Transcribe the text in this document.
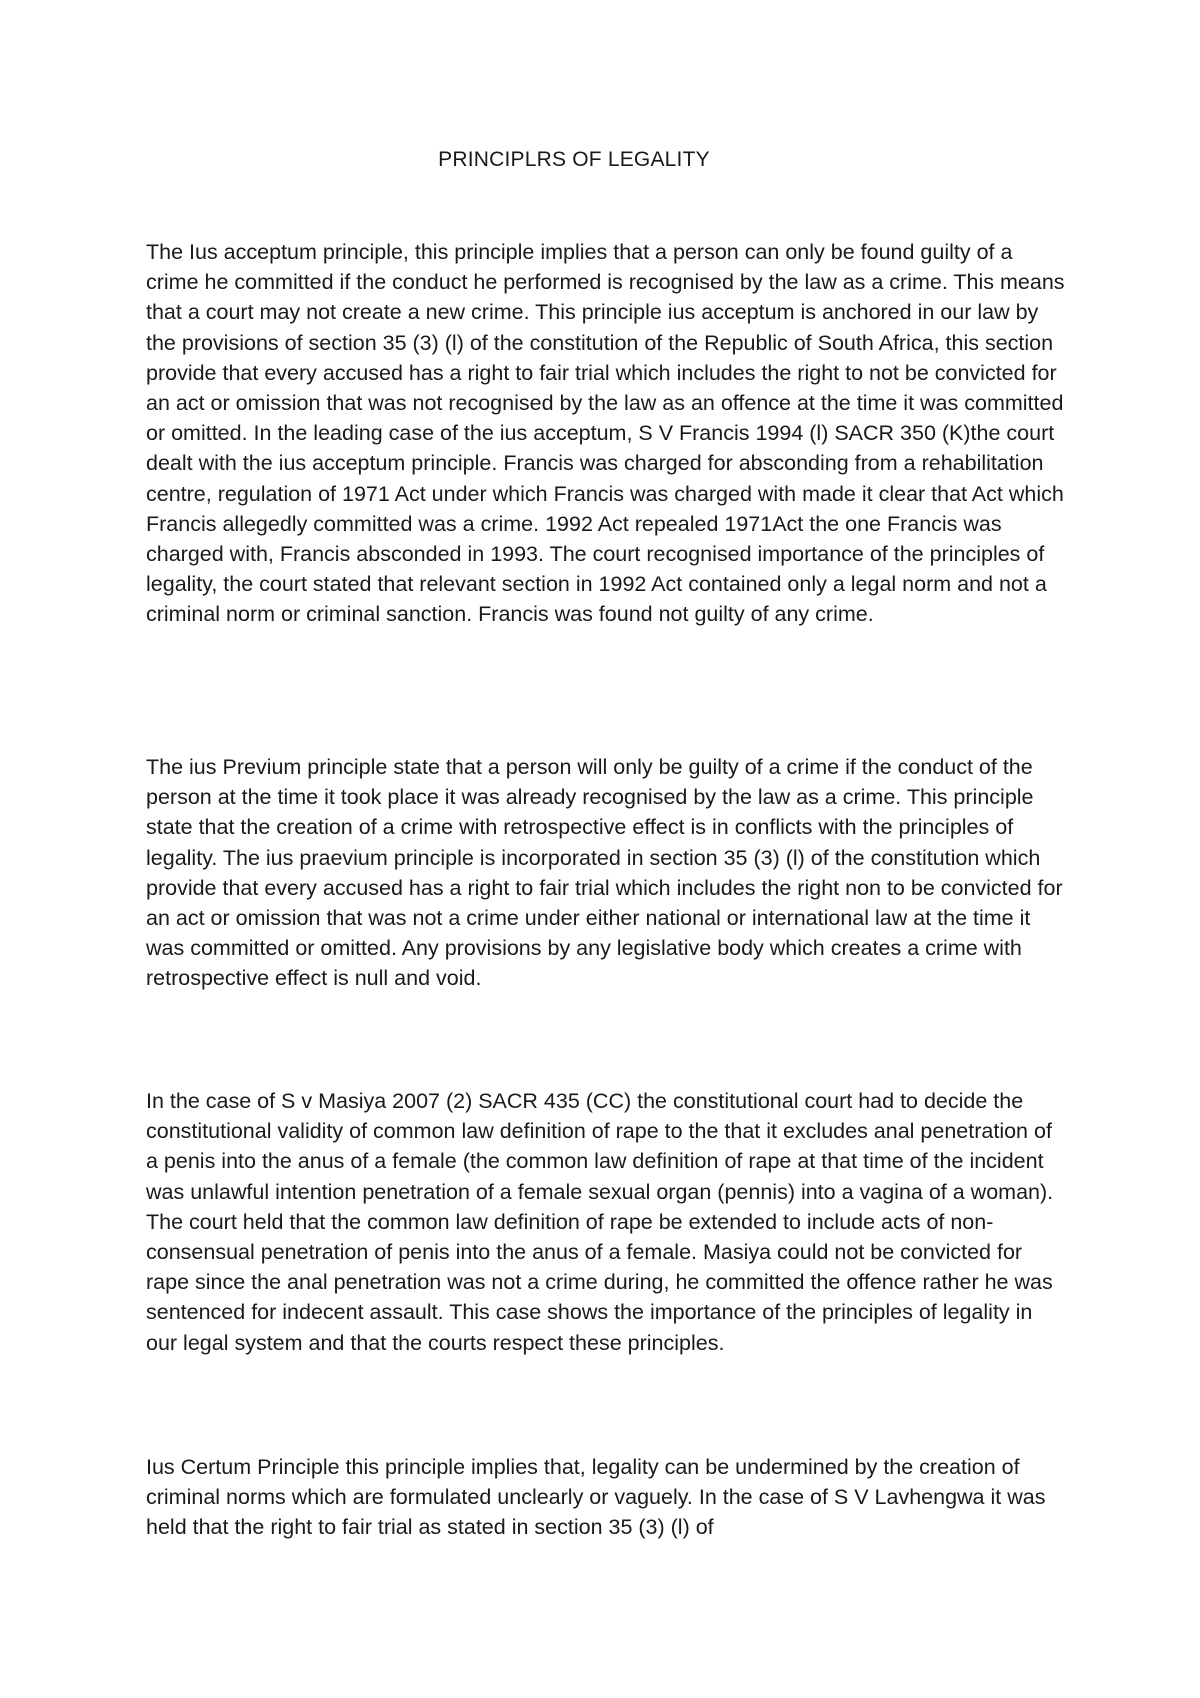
PRINCIPLRS OF LEGALITY

The Ius acceptum principle, this principle implies that a person can only be found guilty of a crime he committed if the conduct he performed is recognised by the law as a crime. This means that a court may not create a new crime. This principle ius acceptum is anchored in our law by the provisions of section 35 (3) (l) of the constitution of the Republic of South Africa, this section provide that every accused has a right to fair trial which includes the right to not be convicted for an act or omission that was not recognised by the law as an offence at the time it was committed or omitted. In the leading case of the ius acceptum, S V Francis 1994 (l) SACR 350 (K)the court dealt with the ius acceptum principle. Francis was charged for absconding from a rehabilitation centre, regulation of 1971 Act under which Francis was charged with made it clear that Act which Francis allegedly committed was a crime. 1992 Act repealed 1971Act the one Francis was charged with, Francis absconded in 1993. The court recognised importance of the principles of legality, the court stated that relevant section in 1992 Act contained only a legal norm and not a criminal norm or criminal sanction. Francis was found not guilty of any crime.

The ius Previum principle state that a person will only be guilty of a crime if the conduct of the person at the time it took place it was already recognised by the law as a crime. This principle state that the creation of a crime with retrospective effect is in conflicts with the principles of legality. The ius praevium principle is incorporated in section 35 (3) (l) of the constitution which provide that every accused has a right to fair trial which includes the right non to be convicted for an act or omission that was not a crime under either national or international law at the time it was committed or omitted. Any provisions by any legislative body which creates a crime with retrospective effect is null and void.

In the case of S v Masiya 2007 (2) SACR 435 (CC) the constitutional court had to decide the constitutional validity of common law definition of rape to the that it excludes anal penetration of a penis into the anus of a female (the common law definition of rape at that time of the incident was unlawful intention penetration of a female sexual organ (pennis) into a vagina of a woman). The court held that the common law definition of rape be extended to include acts of non-consensual penetration of penis into the anus of a female. Masiya could not be convicted for rape since the anal penetration was not a crime during, he committed the offence rather he was sentenced for indecent assault. This case shows the importance of the principles of legality in our legal system and that the courts respect these principles.

Ius Certum Principle this principle implies that, legality can be undermined by the creation of criminal norms which are formulated unclearly or vaguely. In the case of S V Lavhengwa it was held that the right to fair trial as stated in section 35 (3) (l) of
